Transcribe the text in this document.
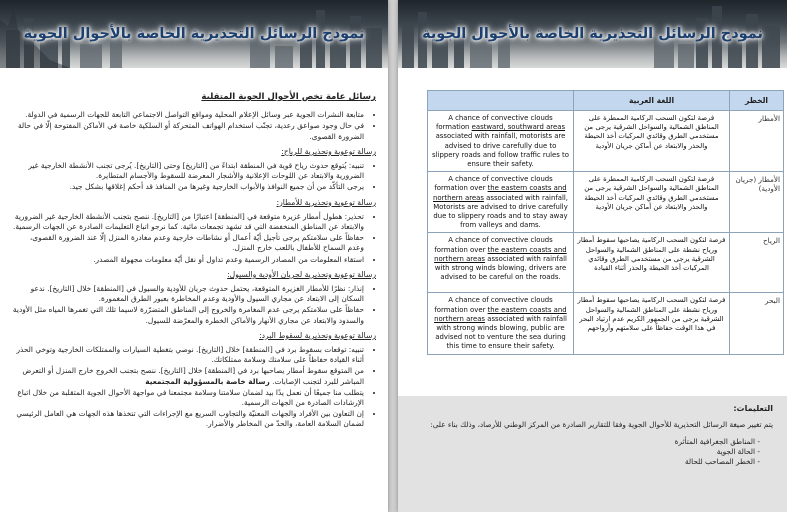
نموذج الرسائل التحذيرية الخاصة بالأحوال الجوية
رسائل عامة تخص الأحوال الجوية المتقلبة
• متابعة النشرات الجوية عبر وسائل الإعلام المحلية ومواقع التواصل الاجتماعي التابعة للجهات الرسمية في الدولة.
• في حال وجود صواعق رعدية، تجنّب استخدام الهواتف المتحركة أو السلكية خاصة في الأماكن المفتوحة إلّا في حالة الضرورة القصوى.
رسالة توعوية وتحذيرية للرياح:
• تنبيه: يُتوقع حدوث رياح قوية في المنطقة ابتداءً من [التاريخ] وحتى [التاريخ]. يُرجى تجنب الأنشطة الخارجية غير الضرورية والابتعاد عن اللوحات الإعلانية والأشجار المعرضة للسقوط والأجسام المتطايرة.
• يرجى التأكّد من أن جميع النوافذ والأبواب الخارجية وغيرها من المنافذ قد أحكم إغلاقها بشكل جيد.
رسالة توعوية وتحذيرية للأمطار:
• تحذير: هطول أمطار غزيرة متوقعة في [المنطقة] اعتبارًا من [التاريخ]. ننصح بتجنب الأنشطة الخارجية غير الضرورية والابتعاد عن المناطق المنخفضة التي قد تشهد تجمعات مائية. كما نرجو اتباع التعليمات الصادرة عن الجهات الرسمية.
• حفاظاً على سلامتكم يرجى تأجيل أيّة أعمال أو نشاطات خارجية وعدم مغادرة المنزل إلّا عند الضرورة القصوى، وعدم السماح للأطفال باللعب خارج المنزل.
• استقاء المعلومات من المصادر الرسمية وعدم تداول أو نقل أيّة معلومات مجهولة المصدر.
رسالة توعوية وتحذيرية لجريان الأودية والسيول:
• إنذار: نظرًا للأمطار الغزيرة المتوقعة، يحتمل حدوث جريان للأودية والسيول في [المنطقة] خلال [التاريخ]. ندعو السكان إلى الابتعاد عن مجاري السيول والأودية وعدم المخاطرة بعبور الطرق المغمورة.
• حفاظاً على سلامتكم يرجى عدم المغامرة والخروج إلى المناطق المتضرّرة لاسيما تلك التي تغمرها المياه مثل الأودية والسدود والابتعاد عن مجاري الأنهار والأماكن الخطرة والمعرّضة للسيول.
رسالة توعوية وتحذيرية لسقوط البرد:
• تنبيه: توقعات بسقوط برد في [المنطقة] خلال [التاريخ]. نوصي بتغطية السيارات والممتلكات الخارجية وتوخي الحذر أثناء القيادة حفاظاً على سلامتك وسلامة ممتلكاتك.
• من المتوقع سقوط أمطار يصاحبها برد في [المنطقة] خلال [التاريخ]. ننصح بتجنب الخروج خارج المنزل أو التعرض المباشر للبرد لتجنب الإصابات. رسالة خاصة بالمسؤولية المجتمعية
• يتطلب منا جميعًا أن نعمل يدًا بيد لضمان سلامتنا وسلامة مجتمعنا في مواجهة الأحوال الجوية المتقلبة من خلال اتباع الإرشادات الصادرة من الجهات الرسمية.
• إن التعاون بين الأفراد والجهات المعنيّة والتجاوب السريع مع الإجراءات التي تتخذها هذه الجهات هي العامل الرئيسي لضمان السلامة العامة، والحدّ من المخاطر والأضرار.
نموذج الرسائل التحذيرية الخاصة بالأحوال الجوية
	اللغة العربية	الخطر
A chance of convective clouds formation eastward, southward areas associated with rainfall, motorists are advised to drive carefully due to slippery roads and follow traffic rules to ensure their safety.	فرصة لتكون السحب الركامية الممطرة على المناطق الشمالية والسواحل الشرقية يرجى من مستخدمي الطرق وقائدي المركبات أخذ الحيطة والحذر والابتعاد عن أماكن جريان الأودية	الأمطار
A chance of convective clouds formation over the eastern coasts and northern areas associated with rainfall, Motorists are advised to drive carefully due to slippery roads and to stay away from valleys and dams.	فرصة لتكون السحب الركامية الممطرة على المناطق الشمالية والسواحل الشرقية يرجى من مستخدمي الطرق وقائدي المركبات أخذ الحيطة والحذر والابتعاد عن أماكن جريان الأودية	الأمطار (جريان الأودية)
A chance of convective clouds formation over the eastern coasts and northern areas associated with rainfall with strong winds blowing, drivers are advised to be careful on the roads.	فرصة لتكون السحب الركامية يصاحبها سقوط أمطار ورياح نشطة على المناطق الشمالية والسواحل الشرقية يرجى من مستخدمي الطرق وقائدي المركبات أخذ الحيطة والحذر أثناء القيادة	الرياح
A chance of convective clouds formation over the eastern coasts and northern areas associated with rainfall with strong winds blowing, public are advised not to venture the sea during this time to ensure their safety.	فرصة لتكون السحب الركامية يصاحبها سقوط أمطار ورياح نشطة على المناطق الشمالية والسواحل الشرقية يرجى من الجمهور الكريم عدم ارتياد البحر في هذا الوقت حفاظاً على سلامتهم وأرواحهم	البحر
التعليمات:
يتم تغيير صيغة الرسائل التحذيرية للأحوال الجوية وفقا للتقارير الصادرة من المركز الوطني للأرصاد، وذلك بناء على:
- المناطق الجغرافية المتأثرة
- الحالة الجوية
- الخطر المصاحب للحالة
